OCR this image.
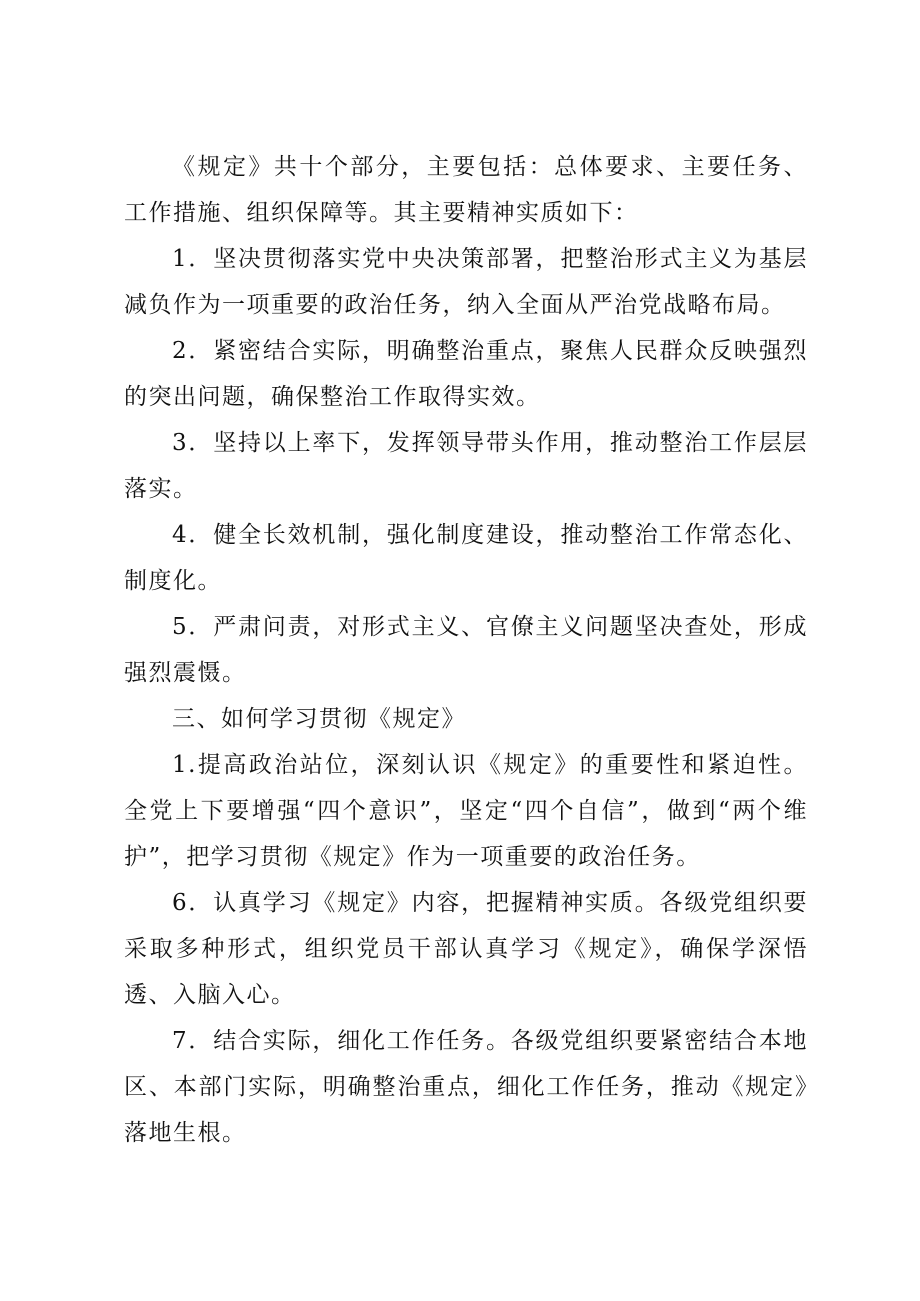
《规定》共十个部分，主要包括：总体要求、主要任务、工作措施、组织保障等。其主要精神实质如下：

1．坚决贯彻落实党中央决策部署，把整治形式主义为基层减负作为一项重要的政治任务，纳入全面从严治党战略布局。

2．紧密结合实际，明确整治重点，聚焦人民群众反映强烈的突出问题，确保整治工作取得实效。

3．坚持以上率下，发挥领导带头作用，推动整治工作层层落实。

4．健全长效机制，强化制度建设，推动整治工作常态化、制度化。

5．严肃问责，对形式主义、官僚主义问题坚决查处，形成强烈震慑。

三、如何学习贯彻《规定》

1.提高政治站位，深刻认识《规定》的重要性和紧迫性。全党上下要增强“四个意识”，坚定“四个自信”，做到“两个维护”，把学习贯彻《规定》作为一项重要的政治任务。

6．认真学习《规定》内容，把握精神实质。各级党组织要采取多种形式，组织党员干部认真学习《规定》，确保学深悟透、入脑入心。

7．结合实际，细化工作任务。各级党组织要紧密结合本地区、本部门实际，明确整治重点，细化工作任务，推动《规定》落地生根。
